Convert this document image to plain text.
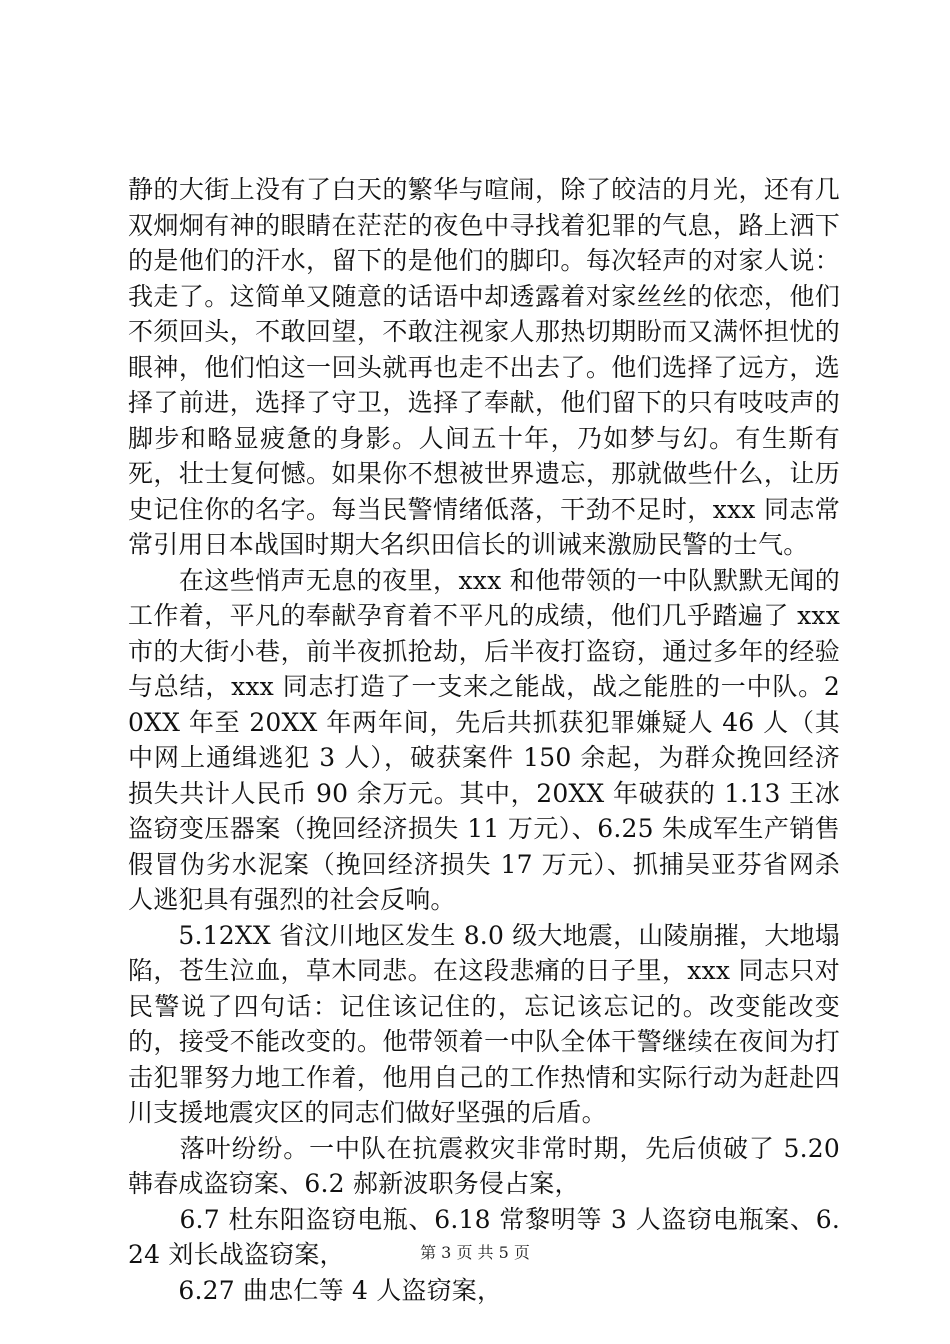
静的大街上没有了白天的繁华与喧闹，除了皎洁的月光，还有几双炯炯有神的眼睛在茫茫的夜色中寻找着犯罪的气息，路上洒下的是他们的汗水，留下的是他们的脚印。每次轻声的对家人说：我走了。这简单又随意的话语中却透露着对家丝丝的依恋，他们不须回头，不敢回望，不敢注视家人那热切期盼而又满怀担忧的眼神，他们怕这一回头就再也走不出去了。他们选择了远方，选择了前进，选择了守卫，选择了奉献，他们留下的只有吱吱声的脚步和略显疲惫的身影。人间五十年，乃如梦与幻。有生斯有死，壮士复何憾。如果你不想被世界遗忘，那就做些什么，让历史记住你的名字。每当民警情绪低落，干劲不足时，xxx 同志常常引用日本战国时期大名织田信长的训诫来激励民警的士气。

　　在这些悄声无息的夜里，xxx 和他带领的一中队默默无闻的工作着，平凡的奉献孕育着不平凡的成绩，他们几乎踏遍了 xxx 市的大街小巷，前半夜抓抢劫，后半夜打盗窃，通过多年的经验与总结，xxx 同志打造了一支来之能战，战之能胜的一中队。20XX 年至 20XX 年两年间，先后共抓获犯罪嫌疑人 46 人（其中网上通缉逃犯 3 人），破获案件 150 余起，为群众挽回经济损失共计人民币 90 余万元。其中，20XX 年破获的 1.13 王冰盗窃变压器案（挽回经济损失 11 万元）、6.25 朱成军生产销售假冒伪劣水泥案（挽回经济损失 17 万元）、抓捕吴亚芬省网杀人逃犯具有强烈的社会反响。

　　5.12XX 省汶川地区发生 8.0 级大地震，山陵崩摧，大地塌陷，苍生泣血，草木同悲。在这段悲痛的日子里，xxx 同志只对民警说了四句话：记住该记住的，忘记该忘记的。改变能改变的，接受不能改变的。他带领着一中队全体干警继续在夜间为打击犯罪努力地工作着，他用自己的工作热情和实际行动为赶赴四川支援地震灾区的同志们做好坚强的后盾。

　　落叶纷纷。一中队在抗震救灾非常时期，先后侦破了 5.20 韩春成盗窃案、6.2 郝新波职务侵占案，

　　6.7 杜东阳盗窃电瓶、6.18 常黎明等 3 人盗窃电瓶案、6.24 刘长战盗窃案，

　　6.27 曲忠仁等 4 人盗窃案，

第 3 页 共 5 页
